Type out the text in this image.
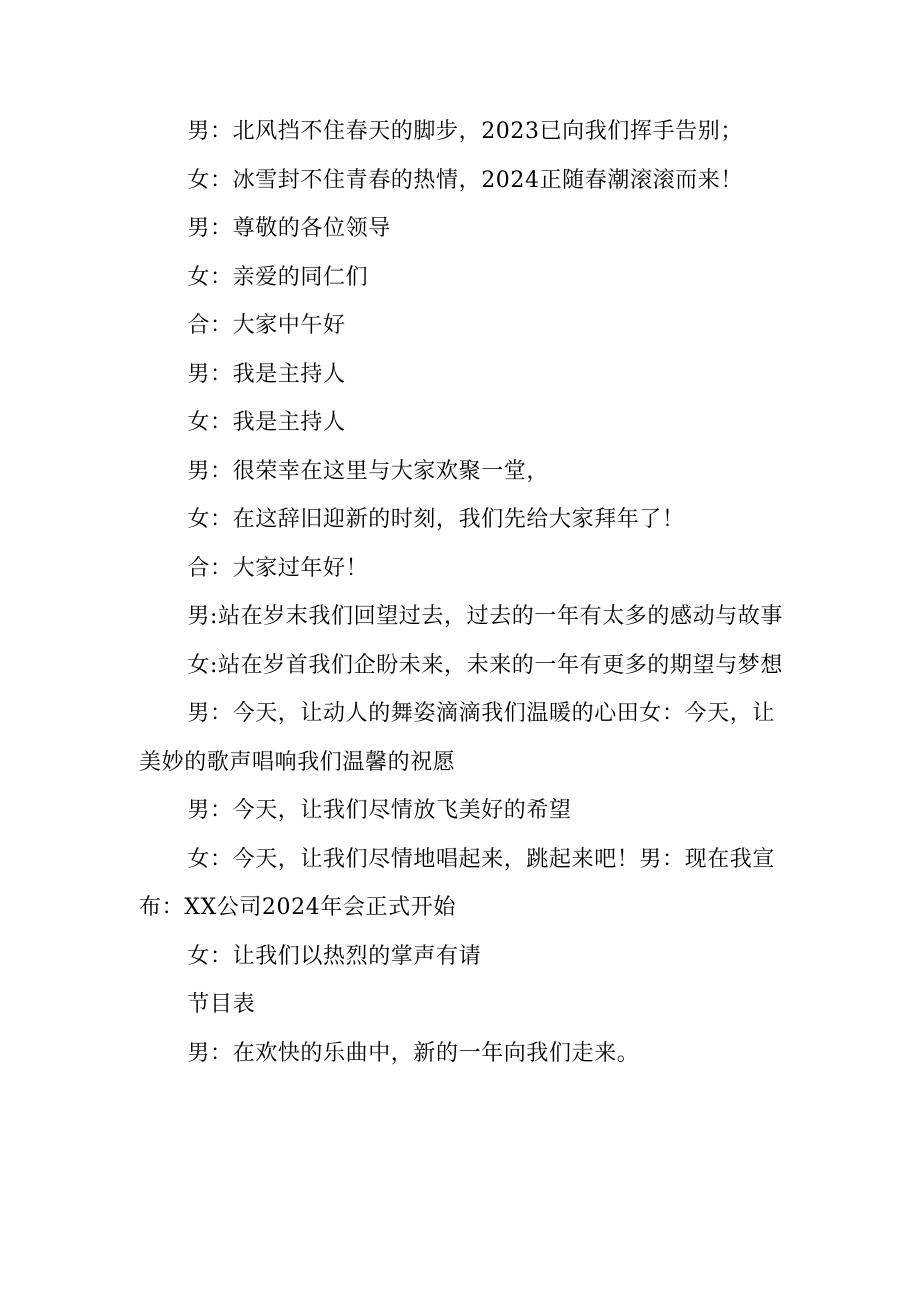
男：北风挡不住春天的脚步，2023已向我们挥手告别；

女：冰雪封不住青春的热情，2024正随春潮滚滚而来！

男：尊敬的各位领导

女：亲爱的同仁们

合：大家中午好

男：我是主持人

女：我是主持人

男：很荣幸在这里与大家欢聚一堂，

女：在这辞旧迎新的时刻，我们先给大家拜年了！

合：大家过年好！

男:站在岁末我们回望过去，过去的一年有太多的感动与故事

女:站在岁首我们企盼未来，未来的一年有更多的期望与梦想

男：今天，让动人的舞姿滴滴我们温暖的心田女：今天，让美妙的歌声唱响我们温馨的祝愿

男：今天，让我们尽情放飞美好的希望

女：今天，让我们尽情地唱起来，跳起来吧！男：现在我宣布：XX公司2024年会正式开始

女：让我们以热烈的掌声有请

节目表

男：在欢快的乐曲中，新的一年向我们走来。
